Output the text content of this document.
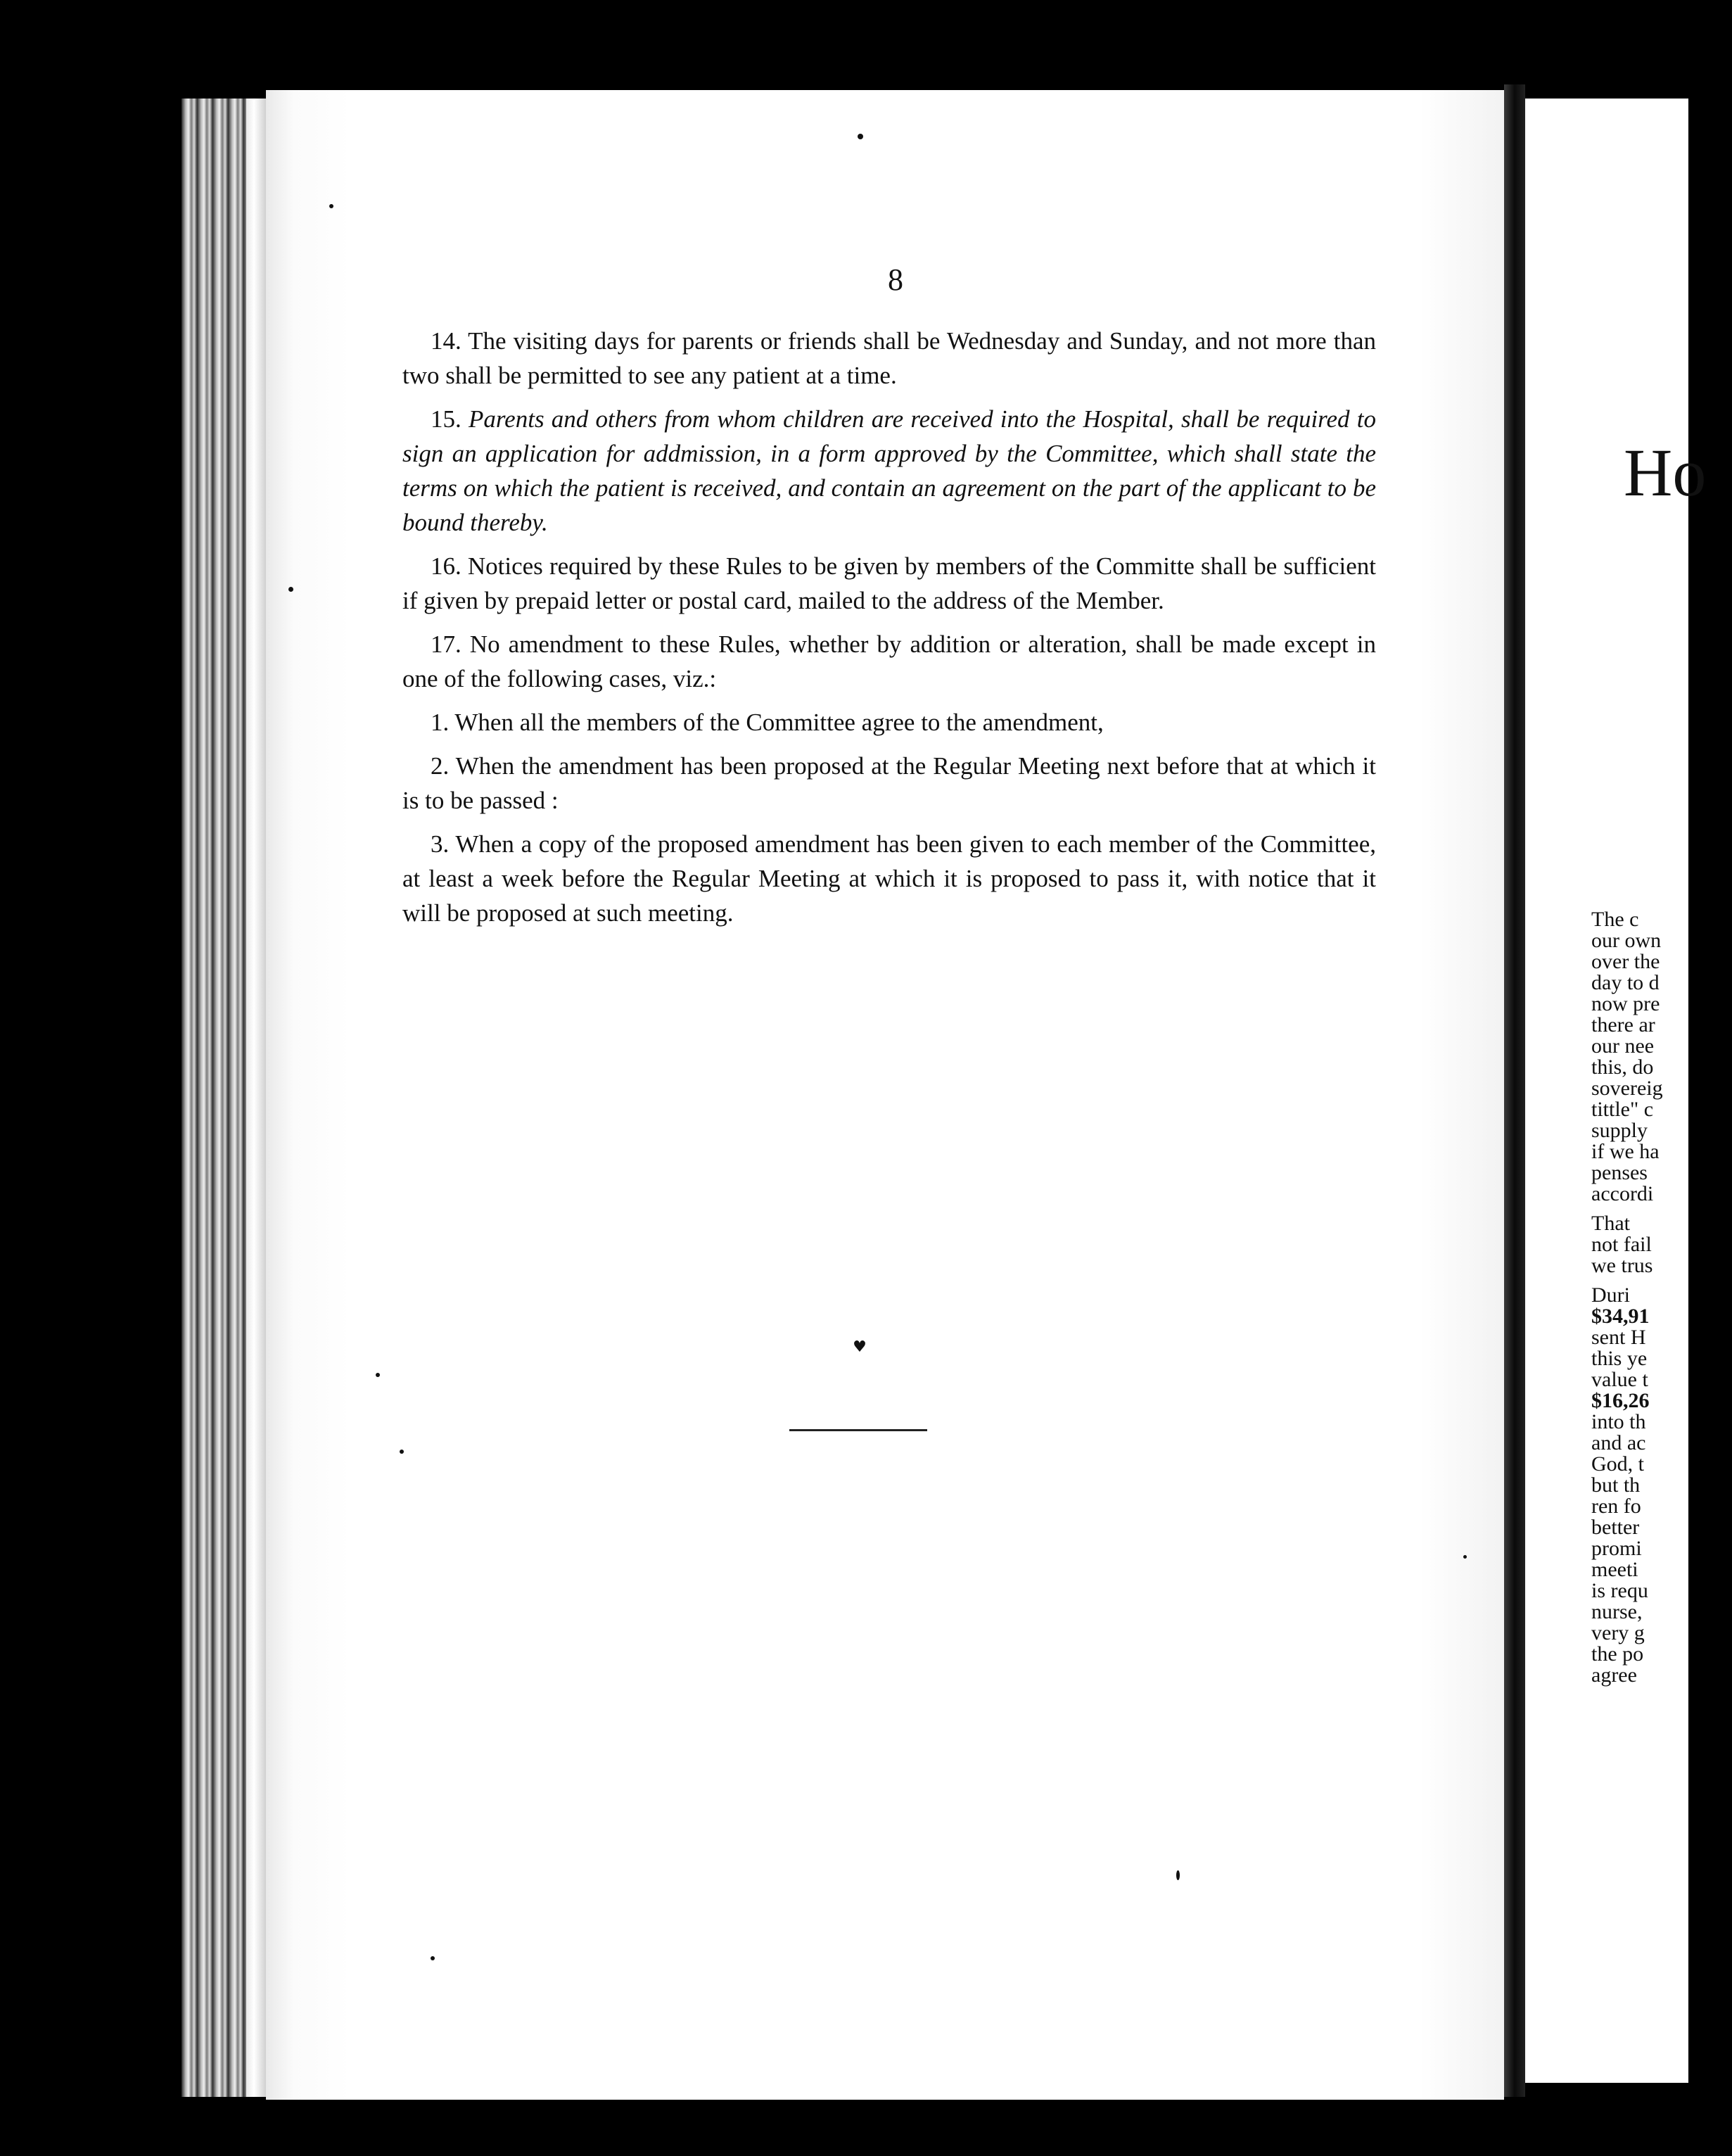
8

14. The visiting days for parents or friends shall be Wednesday and Sunday, and not more than two shall be permitted to see any patient at a time.

15. Parents and others from whom children are received into the Hospital, shall be required to sign an application for addmission, in a form approved by the Committee, which shall state the terms on which the patient is received, and contain an agreement on the part of the applicant to be bound thereby.

16. Notices required by these Rules to be given by members of the Committe shall be sufficient if given by prepaid letter or postal card, mailed to the address of the Member.

17. No amendment to these Rules, whether by addition or alteration, shall be made except in one of the following cases, viz.:

1. When all the members of the Committee agree to the amendment,

2. When the amendment has been proposed at the Regular Meeting next before that at which it is to be passed :

3. When a copy of the proposed amendment has been given to each member of the Committee, at least a week before the Regular Meeting at which it is proposed to pass it, with notice that it will be proposed at such meeting.

♥
Ho
The c
our own
over the
day to d
now pre
there ar
our nee
this, do
sovereig
tittle" c
supply
if we ha
penses
accordi
That
not fail
we trus
Duri
$34,91
sent H
this ye
value t
$16,26
into th
and ac
God, t
but th
ren fo
better
promi
meeti
is requ
nurse,
very g
the po
agree
